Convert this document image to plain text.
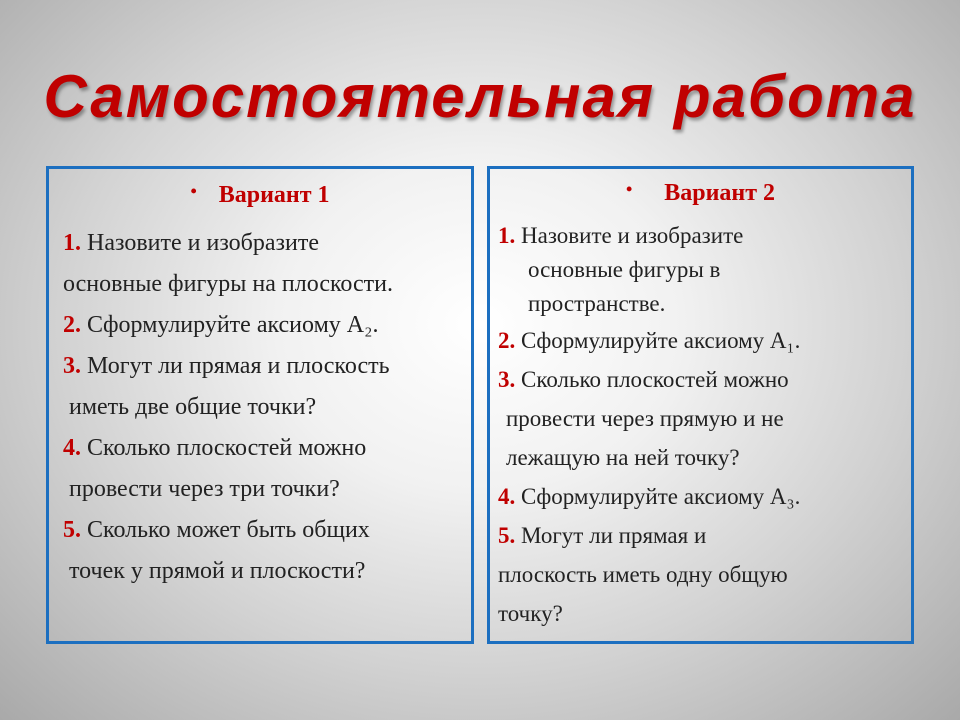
Самостоятельная работа
• Вариант 1
1. Назовите и изобразите
основные фигуры на плоскости.
2. Сформулируйте аксиому А₂.
3. Могут ли прямая и плоскость
иметь две общие точки?
4. Сколько плоскостей можно
провести через три точки?
5. Сколько может быть общих
точек у прямой и плоскости?
• Вариант 2
1. Назовите и изобразите
основные фигуры в
пространстве.
2. Сформулируйте аксиому А₁.
3. Сколько плоскостей можно
провести через прямую и не
лежащую на ней точку?
4. Сформулируйте аксиому А₃.
5. Могут ли прямая и
плоскость иметь одну общую
точку?
